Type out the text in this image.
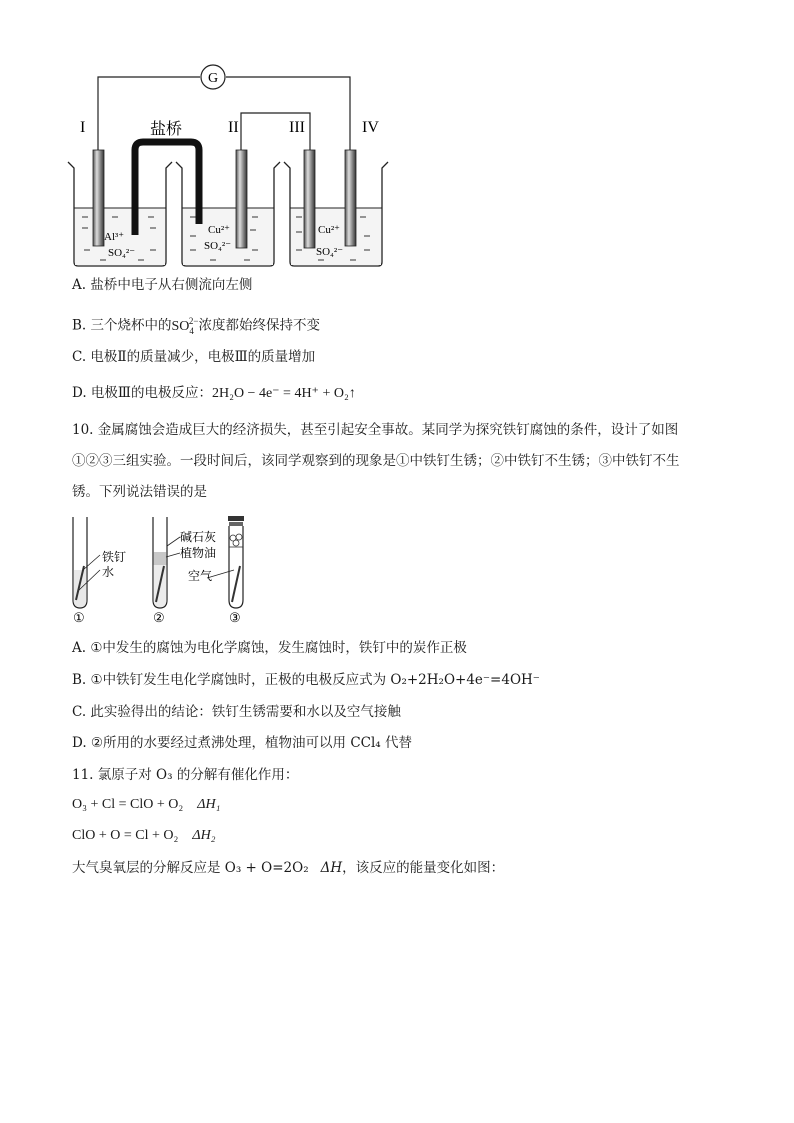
G
I	II	III	IV
盐桥
Al³⁺
SO₄²⁻
Cu²⁺
SO₄²⁻
Cu²⁺
SO₄²⁻
A. 盐桥中电子从右侧流向左侧
B. 三个烧杯中的$SO_4^{2-}$浓度都始终保持不变
C. 电极Ⅱ的质量减少，电极Ⅲ的质量增加
D. 电极Ⅲ的电极反应：2H₂O − 4e⁻ = 4H⁺ + O₂↑
10. 金属腐蚀会造成巨大的经济损失，甚至引起安全事故。某同学为探究铁钉腐蚀的条件，设计了如图
①②③三组实验。一段时间后，该同学观察到的现象是①中铁钉生锈；②中铁钉不生锈；③中铁钉不生
锈。下列说法错误的是
铁钉
水
碱石灰
植物油
空气
①	②	③
A. ①中发生的腐蚀为电化学腐蚀，发生腐蚀时，铁钉中的炭作正极
B. ①中铁钉发生电化学腐蚀时，正极的电极反应式为 O₂+2H₂O+4e⁻=4OH⁻
C. 此实验得出的结论：铁钉生锈需要和水以及空气接触
D. ②所用的水要经过煮沸处理，植物油可以用 CCl₄ 代替
11. 氯原子对 O₃ 的分解有催化作用：
O₃ + Cl = ClO + O₂ ΔH₁
ClO + O = Cl + O₂ ΔH₂
大气臭氧层的分解反应是 O₃ + O=2O₂ ΔH，该反应的能量变化如图：
